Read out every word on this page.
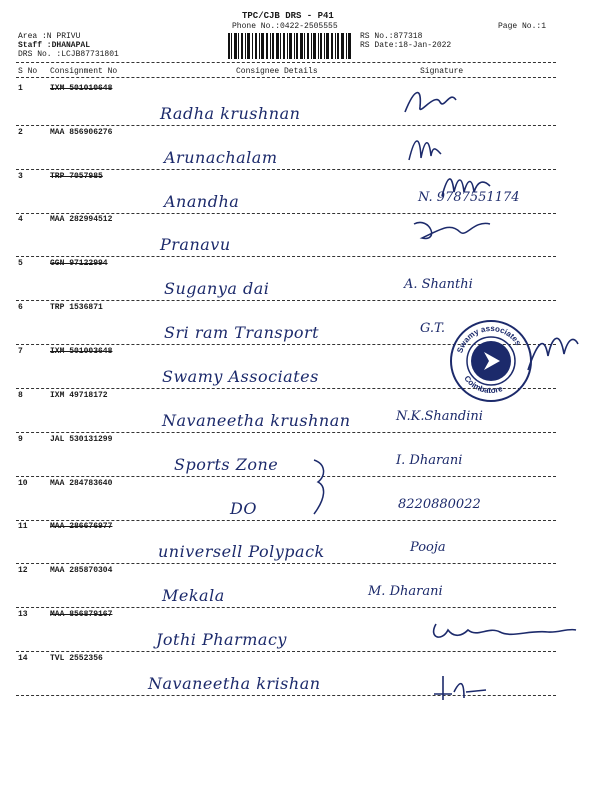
TPC/CJB DRS - P41
Phone No.:0422-2505555	Page No.:1
Area :N PRIVU
Staff :DHANAPAL
DRS No. :LCJB87731801
RS No.:877318
RS Date:18-Jan-2022
S No Consignment No	Consignee Details	Signature
1	IXM 501010648
Radha krushnan
2	MAA 856906276
Arunachalam
3	TRP 7057985
Anandha	N. 9787551174
4	MAA 282994512
Pranavu
5	GGN 97122994
Suganya dai	A. Shanthi
6	TRP 1536871
Sri ram Transport	G.T.
7	IXM 501003648
Swamy Associates
8	IXM 49718172
Navaneetha krushnan	N.K.Shandini
9	JAL 530131299
Sports Zone	I. Dharani
10	MAA 284783640
DO	8220880022
11	MAA 286676977
universell Polypack	Pooja
12	MAA 285870304
Mekala	M. Dharani
13	MAA 856879167
Jothi Pharmacy
14	TVL 2552356
Navaneetha krishan
Swamy associates
Coimbatore
